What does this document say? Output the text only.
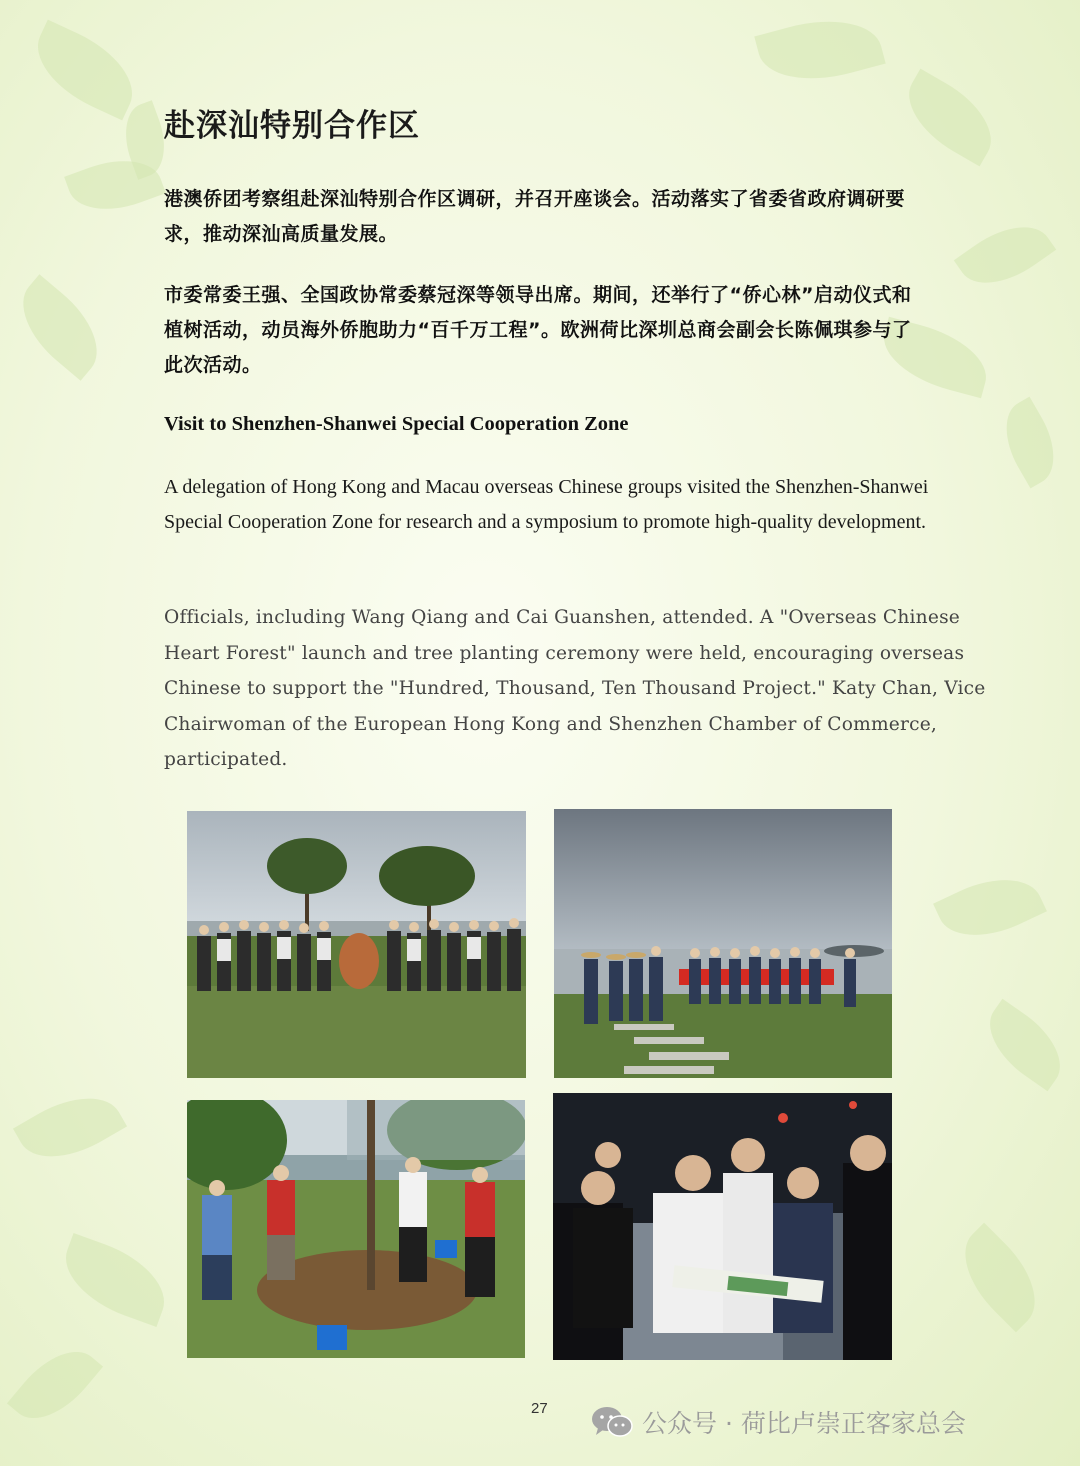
赴深汕特别合作区

港澳侨团考察组赴深汕特别合作区调研，并召开座谈会。活动落实了省委省政府调研要求，推动深汕高质量发展。

市委常委王强、全国政协常委蔡冠深等领导出席。期间，还举行了“侨心林”启动仪式和植树活动，动员海外侨胞助力“百千万工程”。欧洲荷比深圳总商会副会长陈佩琪参与了此次活动。

Visit to Shenzhen-Shanwei Special Cooperation Zone

A delegation of Hong Kong and Macau overseas Chinese groups visited the Shenzhen-Shanwei Special Cooperation Zone for research and a symposium to promote high-quality development.

Officials, including Wang Qiang and Cai Guanshen, attended. A "Overseas Chinese Heart Forest" launch and tree planting ceremony were held, encouraging overseas Chinese to support the "Hundred, Thousand, Ten Thousand Project." Katy Chan, Vice Chairwoman of the European Hong Kong and Shenzhen Chamber of Commerce, participated.

27
公众号 · 荷比卢崇正客家总会
